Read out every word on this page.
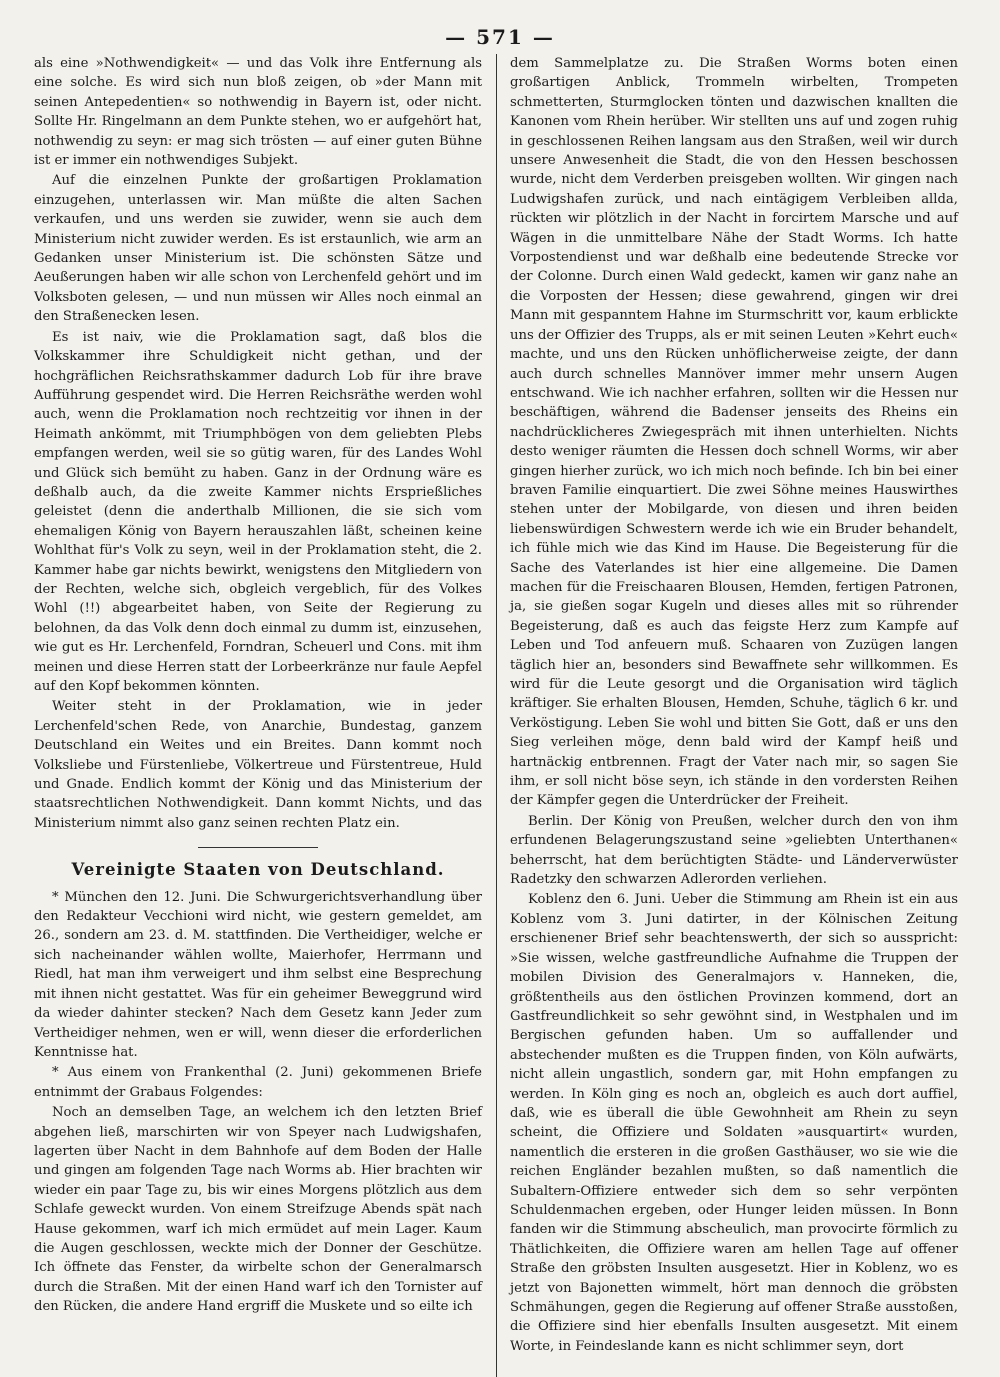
— 571 —

als eine »Nothwendigkeit« — und das Volk ihre Entfernung als eine solche. Es wird sich nun bloß zeigen, ob »der Mann mit seinen Antepedentien« so nothwendig in Bayern ist, oder nicht. Sollte Hr. Ringelmann an dem Punkte stehen, wo er aufgehört hat, nothwendig zu seyn: er mag sich trösten — auf einer guten Bühne ist er immer ein nothwendiges Subjekt.

Auf die einzelnen Punkte der großartigen Proklamation einzugehen, unterlassen wir. Man müßte die alten Sachen verkaufen, und uns werden sie zuwider, wenn sie auch dem Ministerium nicht zuwider werden. Es ist erstaunlich, wie arm an Gedanken unser Ministerium ist. Die schönsten Sätze und Aeußerungen haben wir alle schon von Lerchenfeld gehört und im Volksboten gelesen, — und nun müssen wir Alles noch einmal an den Straßenecken lesen.

Es ist naiv, wie die Proklamation sagt, daß blos die Volkskammer ihre Schuldigkeit nicht gethan, und der hochgräflichen Reichsrathskammer dadurch Lob für ihre brave Aufführung gespendet wird. Die Herren Reichsräthe werden wohl auch, wenn die Proklamation noch rechtzeitig vor ihnen in der Heimath ankömmt, mit Triumphbögen von dem geliebten Plebs empfangen werden, weil sie so gütig waren, für des Landes Wohl und Glück sich bemüht zu haben. Ganz in der Ordnung wäre es deßhalb auch, da die zweite Kammer nichts Ersprießliches geleistet (denn die anderthalb Millionen, die sie sich vom ehemaligen König von Bayern herauszahlen läßt, scheinen keine Wohlthat für's Volk zu seyn, weil in der Proklamation steht, die 2. Kammer habe gar nichts bewirkt, wenigstens den Mitgliedern von der Rechten, welche sich, obgleich vergeblich, für des Volkes Wohl (!!) abgearbeitet haben, von Seite der Regierung zu belohnen, da das Volk denn doch einmal zu dumm ist, einzusehen, wie gut es Hr. Lerchenfeld, Forndran, Scheuerl und Cons. mit ihm meinen und diese Herren statt der Lorbeerkränze nur faule Aepfel auf den Kopf bekommen könnten.

Weiter steht in der Proklamation, wie in jeder Lerchenfeld'schen Rede, von Anarchie, Bundestag, ganzem Deutschland ein Weites und ein Breites. Dann kommt noch Volksliebe und Fürstenliebe, Völkertreue und Fürstentreue, Huld und Gnade. Endlich kommt der König und das Ministerium der staatsrechtlichen Nothwendigkeit. Dann kommt Nichts, und das Ministerium nimmt also ganz seinen rechten Platz ein.

Vereinigte Staaten von Deutschland.

* München den 12. Juni. Die Schwurgerichtsverhandlung über den Redakteur Vecchioni wird nicht, wie gestern gemeldet, am 26., sondern am 23. d. M. stattfinden. Die Vertheidiger, welche er sich nacheinander wählen wollte, Maierhofer, Herrmann und Riedl, hat man ihm verweigert und ihm selbst eine Besprechung mit ihnen nicht gestattet. Was für ein geheimer Beweggrund wird da wieder dahinter stecken? Nach dem Gesetz kann Jeder zum Vertheidiger nehmen, wen er will, wenn dieser die erforderlichen Kenntnisse hat.

* Aus einem von Frankenthal (2. Juni) gekommenen Briefe entnimmt der Grabaus Folgendes:

Noch an demselben Tage, an welchem ich den letzten Brief abgehen ließ, marschirten wir von Speyer nach Ludwigshafen, lagerten über Nacht in dem Bahnhofe auf dem Boden der Halle und gingen am folgenden Tage nach Worms ab. Hier brachten wir wieder ein paar Tage zu, bis wir eines Morgens plötzlich aus dem Schlafe geweckt wurden. Von einem Streifzuge Abends spät nach Hause gekommen, warf ich mich ermüdet auf mein Lager. Kaum die Augen geschlossen, weckte mich der Donner der Geschütze. Ich öffnete das Fenster, da wirbelte schon der Generalmarsch durch die Straßen. Mit der einen Hand warf ich den Tornister auf den Rücken, die andere Hand ergriff die Muskete und so eilte ich

dem Sammelplatze zu. Die Straßen Worms boten einen großartigen Anblick, Trommeln wirbelten, Trompeten schmetterten, Sturmglocken tönten und dazwischen knallten die Kanonen vom Rhein herüber. Wir stellten uns auf und zogen ruhig in geschlossenen Reihen langsam aus den Straßen, weil wir durch unsere Anwesenheit die Stadt, die von den Hessen beschossen wurde, nicht dem Verderben preisgeben wollten. Wir gingen nach Ludwigshafen zurück, und nach eintägigem Verbleiben allda, rückten wir plötzlich in der Nacht in forcirtem Marsche und auf Wägen in die unmittelbare Nähe der Stadt Worms. Ich hatte Vorpostendienst und war deßhalb eine bedeutende Strecke vor der Colonne. Durch einen Wald gedeckt, kamen wir ganz nahe an die Vorposten der Hessen; diese gewahrend, gingen wir drei Mann mit gespanntem Hahne im Sturmschritt vor, kaum erblickte uns der Offizier des Trupps, als er mit seinen Leuten »Kehrt euch« machte, und uns den Rücken unhöflicherweise zeigte, der dann auch durch schnelles Mannöver immer mehr unsern Augen entschwand. Wie ich nachher erfahren, sollten wir die Hessen nur beschäftigen, während die Badenser jenseits des Rheins ein nachdrücklicheres Zwiegespräch mit ihnen unterhielten. Nichts desto weniger räumten die Hessen doch schnell Worms, wir aber gingen hierher zurück, wo ich mich noch befinde. Ich bin bei einer braven Familie einquartiert. Die zwei Söhne meines Hauswirthes stehen unter der Mobilgarde, von diesen und ihren beiden liebenswürdigen Schwestern werde ich wie ein Bruder behandelt, ich fühle mich wie das Kind im Hause. Die Begeisterung für die Sache des Vaterlandes ist hier eine allgemeine. Die Damen machen für die Freischaaren Blousen, Hemden, fertigen Patronen, ja, sie gießen sogar Kugeln und dieses alles mit so rührender Begeisterung, daß es auch das feigste Herz zum Kampfe auf Leben und Tod anfeuern muß. Schaaren von Zuzügen langen täglich hier an, besonders sind Bewaffnete sehr willkommen. Es wird für die Leute gesorgt und die Organisation wird täglich kräftiger. Sie erhalten Blousen, Hemden, Schuhe, täglich 6 kr. und Verköstigung. Leben Sie wohl und bitten Sie Gott, daß er uns den Sieg verleihen möge, denn bald wird der Kampf heiß und hartnäckig entbrennen. Fragt der Vater nach mir, so sagen Sie ihm, er soll nicht böse seyn, ich stände in den vordersten Reihen der Kämpfer gegen die Unterdrücker der Freiheit.

Berlin. Der König von Preußen, welcher durch den von ihm erfundenen Belagerungszustand seine »geliebten Unterthanen« beherrscht, hat dem berüchtigten Städte- und Länderverwüster Radetzky den schwarzen Adlerorden verliehen.

Koblenz den 6. Juni. Ueber die Stimmung am Rhein ist ein aus Koblenz vom 3. Juni datirter, in der Kölnischen Zeitung erschienener Brief sehr beachtenswerth, der sich so ausspricht: »Sie wissen, welche gastfreundliche Aufnahme die Truppen der mobilen Division des Generalmajors v. Hanneken, die, größtentheils aus den östlichen Provinzen kommend, dort an Gastfreundlichkeit so sehr gewöhnt sind, in Westphalen und im Bergischen gefunden haben. Um so auffallender und abstechender mußten es die Truppen finden, von Köln aufwärts, nicht allein ungastlich, sondern gar, mit Hohn empfangen zu werden. In Köln ging es noch an, obgleich es auch dort auffiel, daß, wie es überall die üble Gewohnheit am Rhein zu seyn scheint, die Offiziere und Soldaten »ausquartirt« wurden, namentlich die ersteren in die großen Gasthäuser, wo sie wie die reichen Engländer bezahlen mußten, so daß namentlich die Subaltern-Offiziere entweder sich dem so sehr verpönten Schuldenmachen ergeben, oder Hunger leiden müssen. In Bonn fanden wir die Stimmung abscheulich, man provocirte förmlich zu Thätlichkeiten, die Offiziere waren am hellen Tage auf offener Straße den gröbsten Insulten ausgesetzt. Hier in Koblenz, wo es jetzt von Bajonetten wimmelt, hört man dennoch die gröbsten Schmähungen, gegen die Regierung auf offener Straße ausstoßen, die Offiziere sind hier ebenfalls Insulten ausgesetzt. Mit einem Worte, in Feindeslande kann es nicht schlimmer seyn, dort
